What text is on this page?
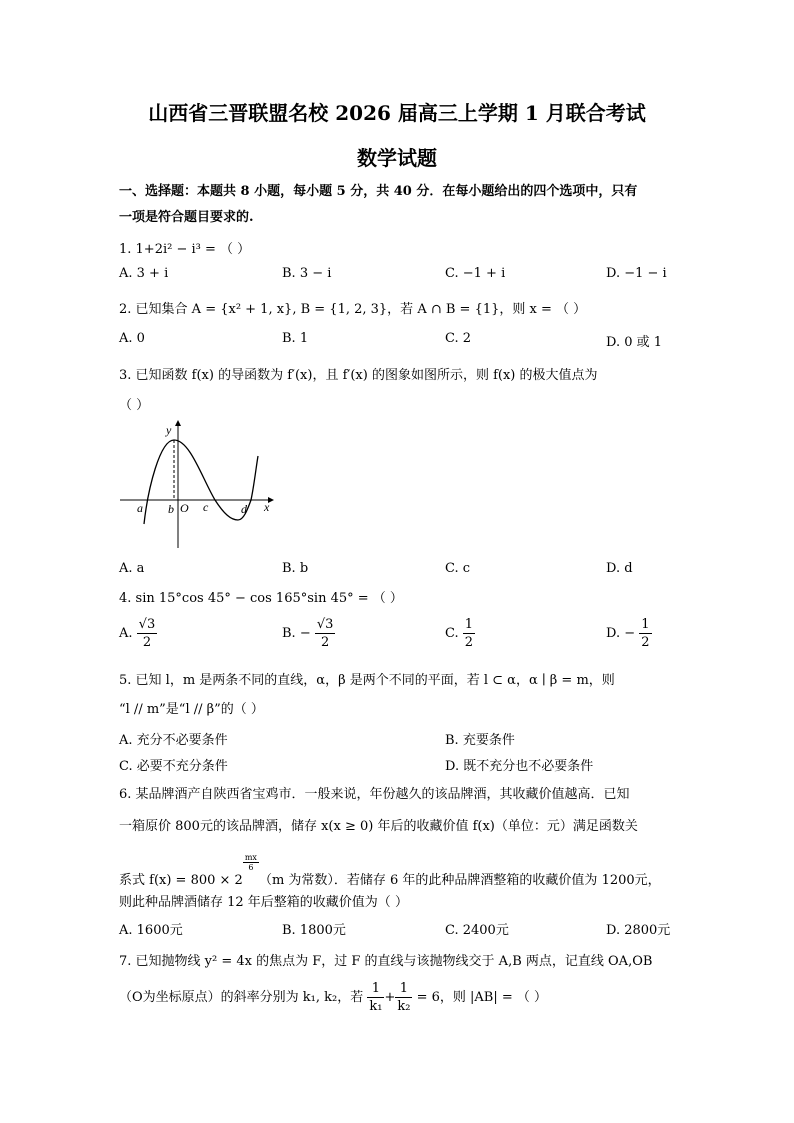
山西省三晋联盟名校 2026 届高三上学期 1 月联合考试
数学试题
一、选择题：本题共 8 小题，每小题 5 分，共 40 分．在每小题给出的四个选项中，只有
一项是符合题目要求的.
1. 1+2i² − i³ = （ ）
A. 3 + i	B. 3 − i	C. −1 + i	D. −1 − i
2. 已知集合 A = {x² + 1, x}, B = {1, 2, 3}，若 A ∩ B = {1}，则 x = （ ）
A. 0	B. 1	C. 2	D. 0 或 1
3. 已知函数 f(x) 的导函数为 f′(x)，且 f′(x) 的图象如图所示，则 f(x) 的极大值点为
（ ）
y
x
O
a b c	d
A. a	B. b	C. c	D. d
4. sin 15°cos 45° − cos 165°sin 45° = （ ）
A. $\frac{√3}{2}$	B. − $\frac{√3}{2}$	C. $\frac{1}{2}$	D. − $\frac{1}{2}$
5. 已知 l，m 是两条不同的直线，α，β 是两个不同的平面，若 l ⊂ α，α ∣ β = m，则
“l // m”是“l // β”的（ ）
A. 充分不必要条件	B. 充要条件
C. 必要不充分条件	D. 既不充分也不必要条件
6. 某品牌酒产自陕西省宝鸡市．一般来说，年份越久的该品牌酒，其收藏价值越高．已知
一箱原价 800元的该品牌酒，储存 x(x ≥ 0) 年后的收藏价值 f(x)（单位：元）满足函数关
系式 f(x) = 800 × 2
$\frac{mx}{6}$
（m 为常数）．若储存 6 年的此种品牌酒整箱的收藏价值为 1200元，
则此种品牌酒储存 12 年后整箱的收藏价值为（ ）
A. 1600元	B. 1800元	C. 2400元	D. 2800元
7. 已知抛物线 y² = 4x 的焦点为 F，过 F 的直线与该抛物线交于 A,B 两点，记直线 OA,OB
（O为坐标原点）的斜率分别为 k₁, k₂，若 $\frac{1}{\text{k₁}} + \frac{1}{\text{k₂}} = 6$，则 |AB| = （ ）
